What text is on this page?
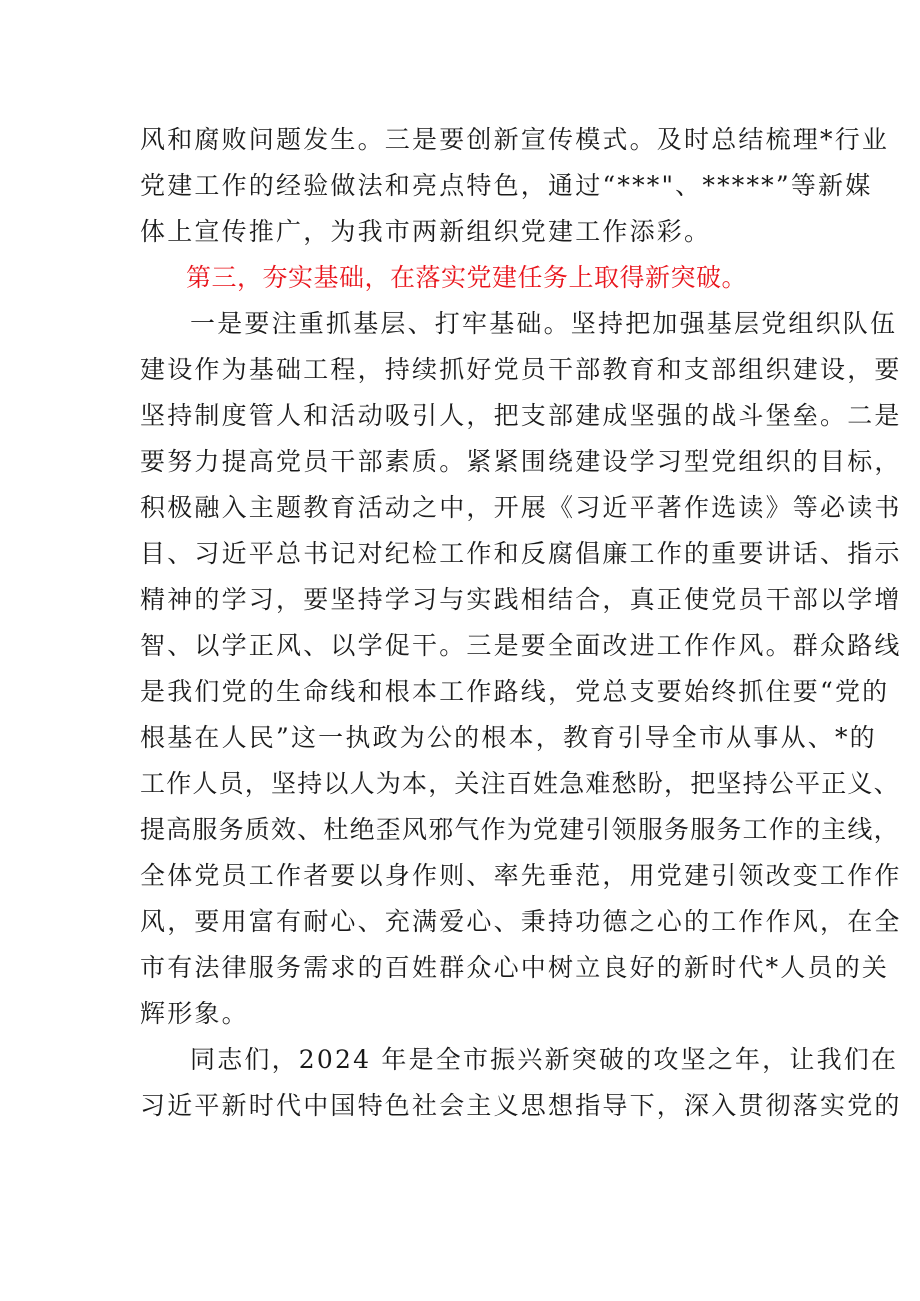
风和腐败问题发生。三是要创新宣传模式。及时总结梳理*行业
党建工作的经验做法和亮点特色，通过“***"、*****”等新媒
体上宣传推广，为我市两新组织党建工作添彩。
第三，夯实基础，在落实党建任务上取得新突破。
一是要注重抓基层、打牢基础。坚持把加强基层党组织队伍
建设作为基础工程，持续抓好党员干部教育和支部组织建设，要
坚持制度管人和活动吸引人，把支部建成坚强的战斗堡垒。二是
要努力提高党员干部素质。紧紧围绕建设学习型党组织的目标，
积极融入主题教育活动之中，开展《习近平著作选读》等必读书
目、习近平总书记对纪检工作和反腐倡廉工作的重要讲话、指示
精神的学习，要坚持学习与实践相结合，真正使党员干部以学增
智、以学正风、以学促干。三是要全面改进工作作风。群众路线
是我们党的生命线和根本工作路线，党总支要始终抓住要“党的
根基在人民”这一执政为公的根本，教育引导全市从事从、*的
工作人员，坚持以人为本，关注百姓急难愁盼，把坚持公平正义、
提高服务质效、杜绝歪风邪气作为党建引领服务服务工作的主线，
全体党员工作者要以身作则、率先垂范，用党建引领改变工作作
风，要用富有耐心、充满爱心、秉持功德之心的工作作风，在全
市有法律服务需求的百姓群众心中树立良好的新时代*人员的关
辉形象。
同志们，2024 年是全市振兴新突破的攻坚之年，让我们在
习近平新时代中国特色社会主义思想指导下，深入贯彻落实党的
